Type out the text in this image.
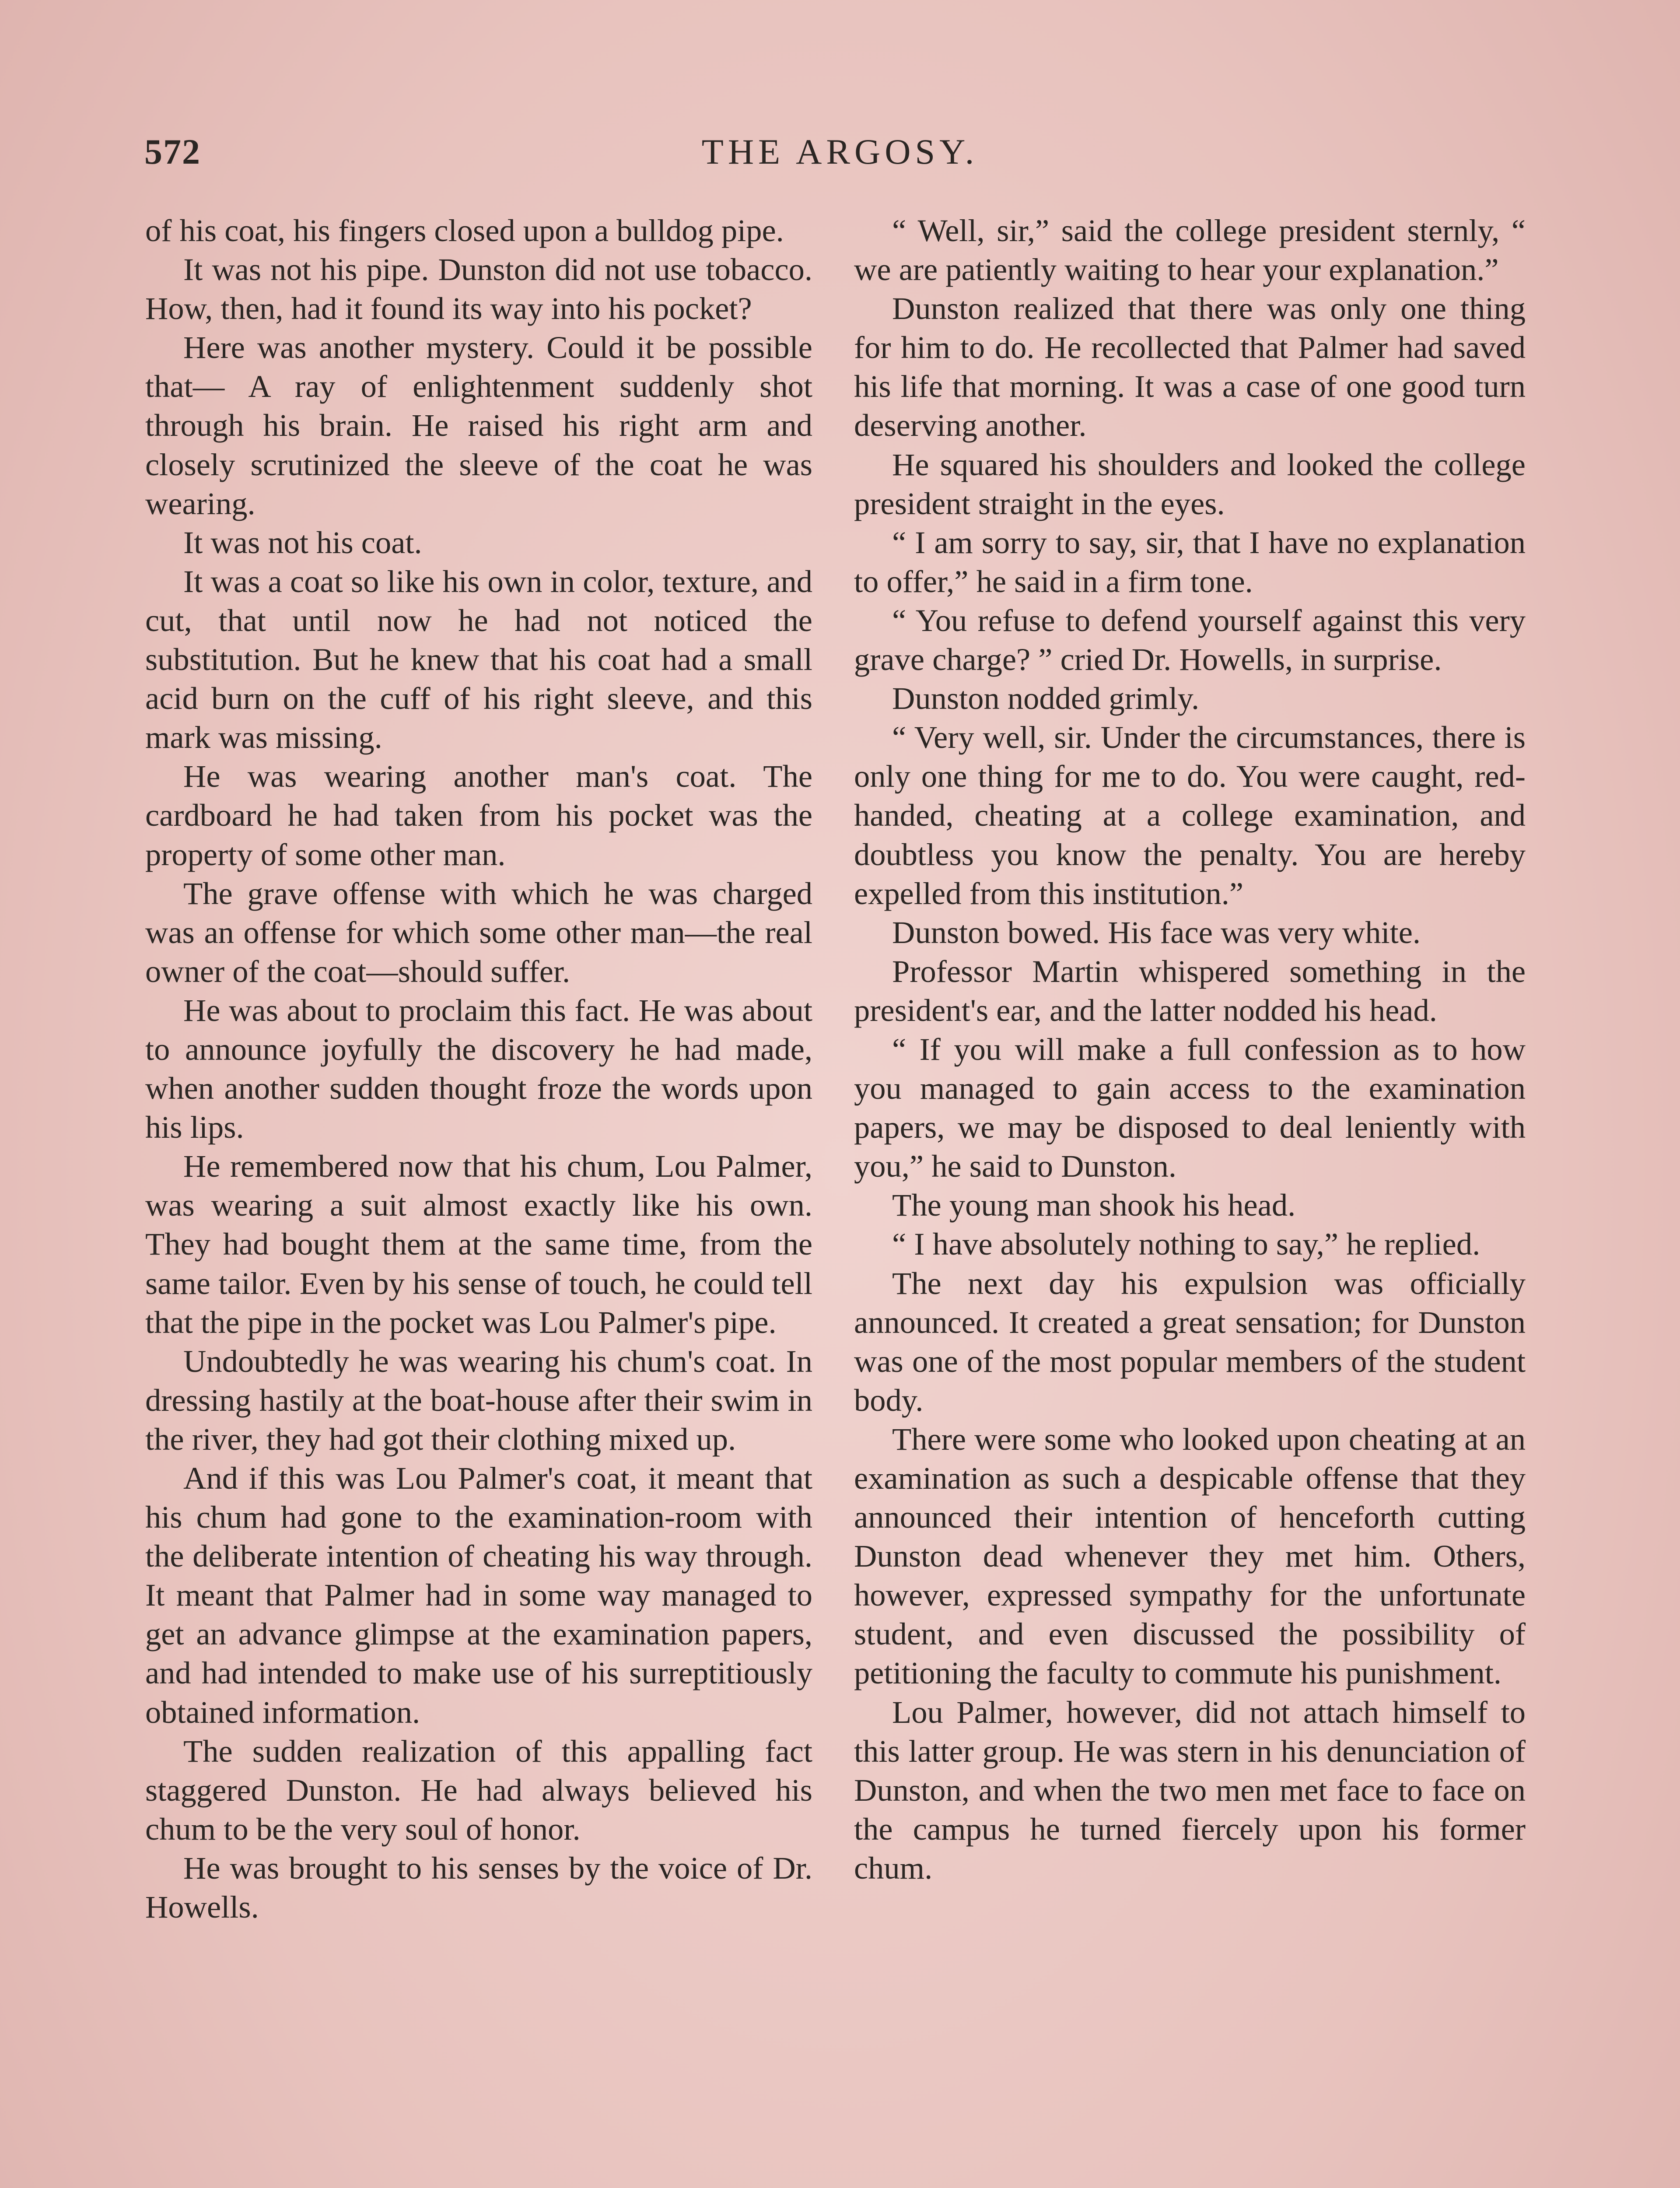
572	THE ARGOSY.

of his coat, his fingers closed upon a bulldog pipe.

It was not his pipe. Dunston did not use tobacco. How, then, had it found its way into his pocket?

Here was another mystery. Could it be possible that— A ray of enlightenment suddenly shot through his brain. He raised his right arm and closely scrutinized the sleeve of the coat he was wearing.

It was not his coat.

It was a coat so like his own in color, texture, and cut, that until now he had not noticed the substitution. But he knew that his coat had a small acid burn on the cuff of his right sleeve, and this mark was missing.

He was wearing another man's coat. The cardboard he had taken from his pocket was the property of some other man.

The grave offense with which he was charged was an offense for which some other man—the real owner of the coat—should suffer.

He was about to proclaim this fact. He was about to announce joyfully the discovery he had made, when another sudden thought froze the words upon his lips.

He remembered now that his chum, Lou Palmer, was wearing a suit almost exactly like his own. They had bought them at the same time, from the same tailor. Even by his sense of touch, he could tell that the pipe in the pocket was Lou Palmer's pipe.

Undoubtedly he was wearing his chum's coat. In dressing hastily at the boat-house after their swim in the river, they had got their clothing mixed up.

And if this was Lou Palmer's coat, it meant that his chum had gone to the examination-room with the deliberate intention of cheating his way through. It meant that Palmer had in some way managed to get an advance glimpse at the examination papers, and had intended to make use of his surreptitiously obtained information.

The sudden realization of this appalling fact staggered Dunston. He had always believed his chum to be the very soul of honor.

He was brought to his senses by the voice of Dr. Howells.

“ Well, sir,” said the college president sternly, “ we are patiently waiting to hear your explanation.”

Dunston realized that there was only one thing for him to do. He recollected that Palmer had saved his life that morning. It was a case of one good turn deserving another.

He squared his shoulders and looked the college president straight in the eyes.

“ I am sorry to say, sir, that I have no explanation to offer,” he said in a firm tone.

“ You refuse to defend yourself against this very grave charge? ” cried Dr. Howells, in surprise.

Dunston nodded grimly.

“ Very well, sir. Under the circumstances, there is only one thing for me to do. You were caught, red-handed, cheating at a college examination, and doubtless you know the penalty. You are hereby expelled from this institution.”

Dunston bowed. His face was very white.

Professor Martin whispered something in the president's ear, and the latter nodded his head.

“ If you will make a full confession as to how you managed to gain access to the examination papers, we may be disposed to deal leniently with you,” he said to Dunston.

The young man shook his head.

“ I have absolutely nothing to say,” he replied.

The next day his expulsion was officially announced. It created a great sensation; for Dunston was one of the most popular members of the student body.

There were some who looked upon cheating at an examination as such a despicable offense that they announced their intention of henceforth cutting Dunston dead whenever they met him. Others, however, expressed sympathy for the unfortunate student, and even discussed the possibility of petitioning the faculty to commute his punishment.

Lou Palmer, however, did not attach himself to this latter group. He was stern in his denunciation of Dunston, and when the two men met face to face on the campus he turned fiercely upon his former chum.
